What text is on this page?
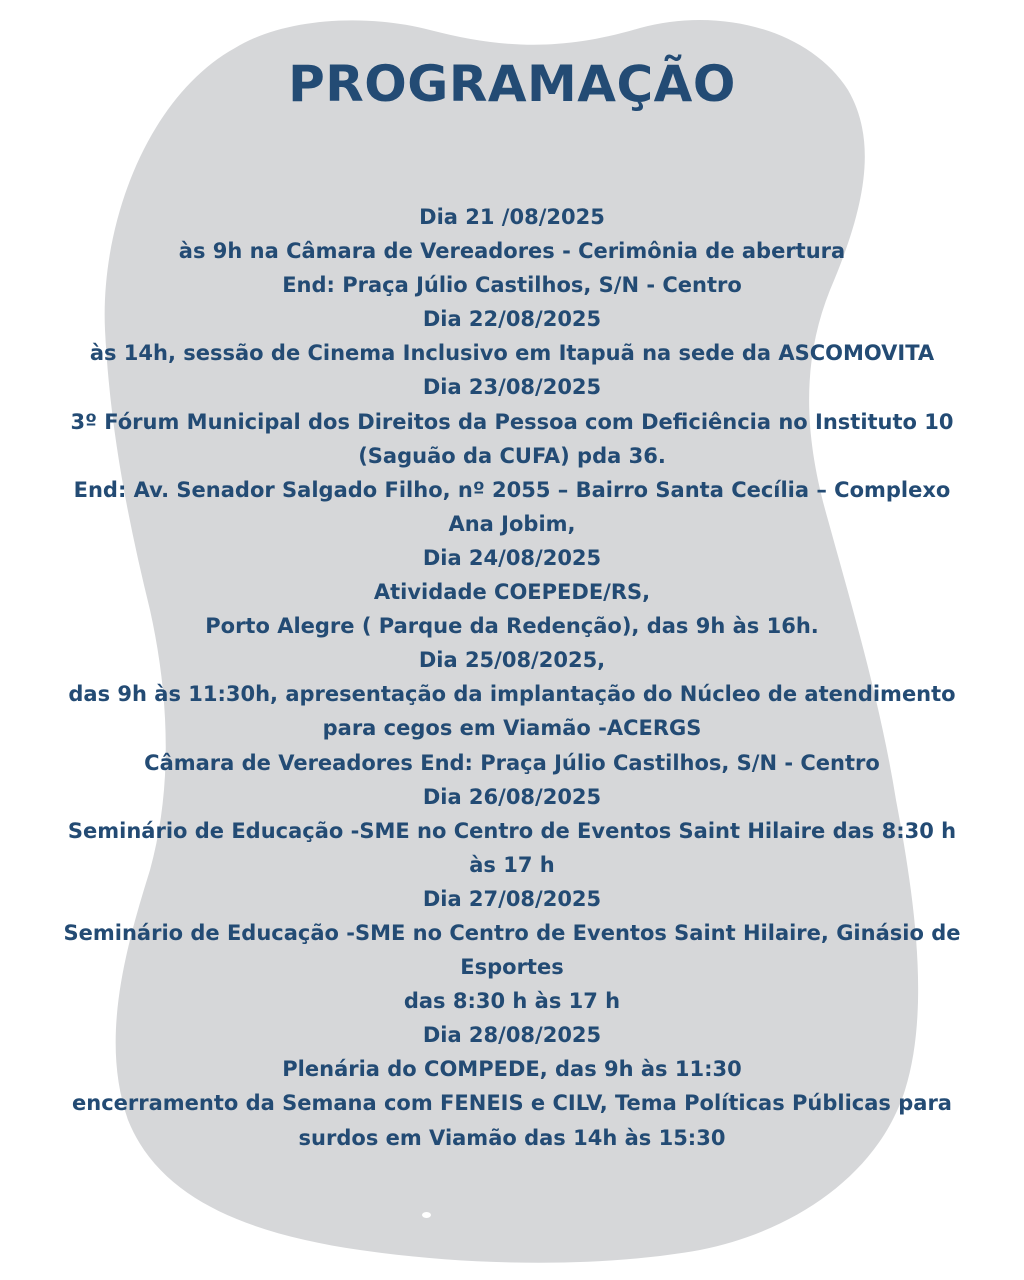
PROGRAMAÇÃO
Dia 21 /08/2025
às 9h na Câmara de Vereadores - Cerimônia de abertura
End: Praça Júlio Castilhos, S/N - Centro
Dia 22/08/2025
às 14h, sessão de Cinema Inclusivo em Itapuã na sede da ASCOMOVITA
Dia 23/08/2025
3º Fórum Municipal dos Direitos da Pessoa com Deficiência no Instituto 10
(Saguão da CUFA) pda 36.
End: Av. Senador Salgado Filho, nº 2055 – Bairro Santa Cecília – Complexo
Ana Jobim,
Dia 24/08/2025
Atividade COEPEDE/RS,
Porto Alegre ( Parque da Redenção), das 9h às 16h.
Dia 25/08/2025,
das 9h às 11:30h, apresentação da implantação do Núcleo de atendimento
para cegos em Viamão -ACERGS
Câmara de Vereadores End: Praça Júlio Castilhos, S/N - Centro
Dia 26/08/2025
Seminário de Educação -SME no Centro de Eventos Saint Hilaire das 8:30 h
às 17 h
Dia 27/08/2025
Seminário de Educação -SME no Centro de Eventos Saint Hilaire, Ginásio de
Esportes
das 8:30 h às 17 h
Dia 28/08/2025
Plenária do COMPEDE, das 9h às 11:30
encerramento da Semana com FENEIS e CILV, Tema Políticas Públicas para
surdos em Viamão das 14h às 15:30
